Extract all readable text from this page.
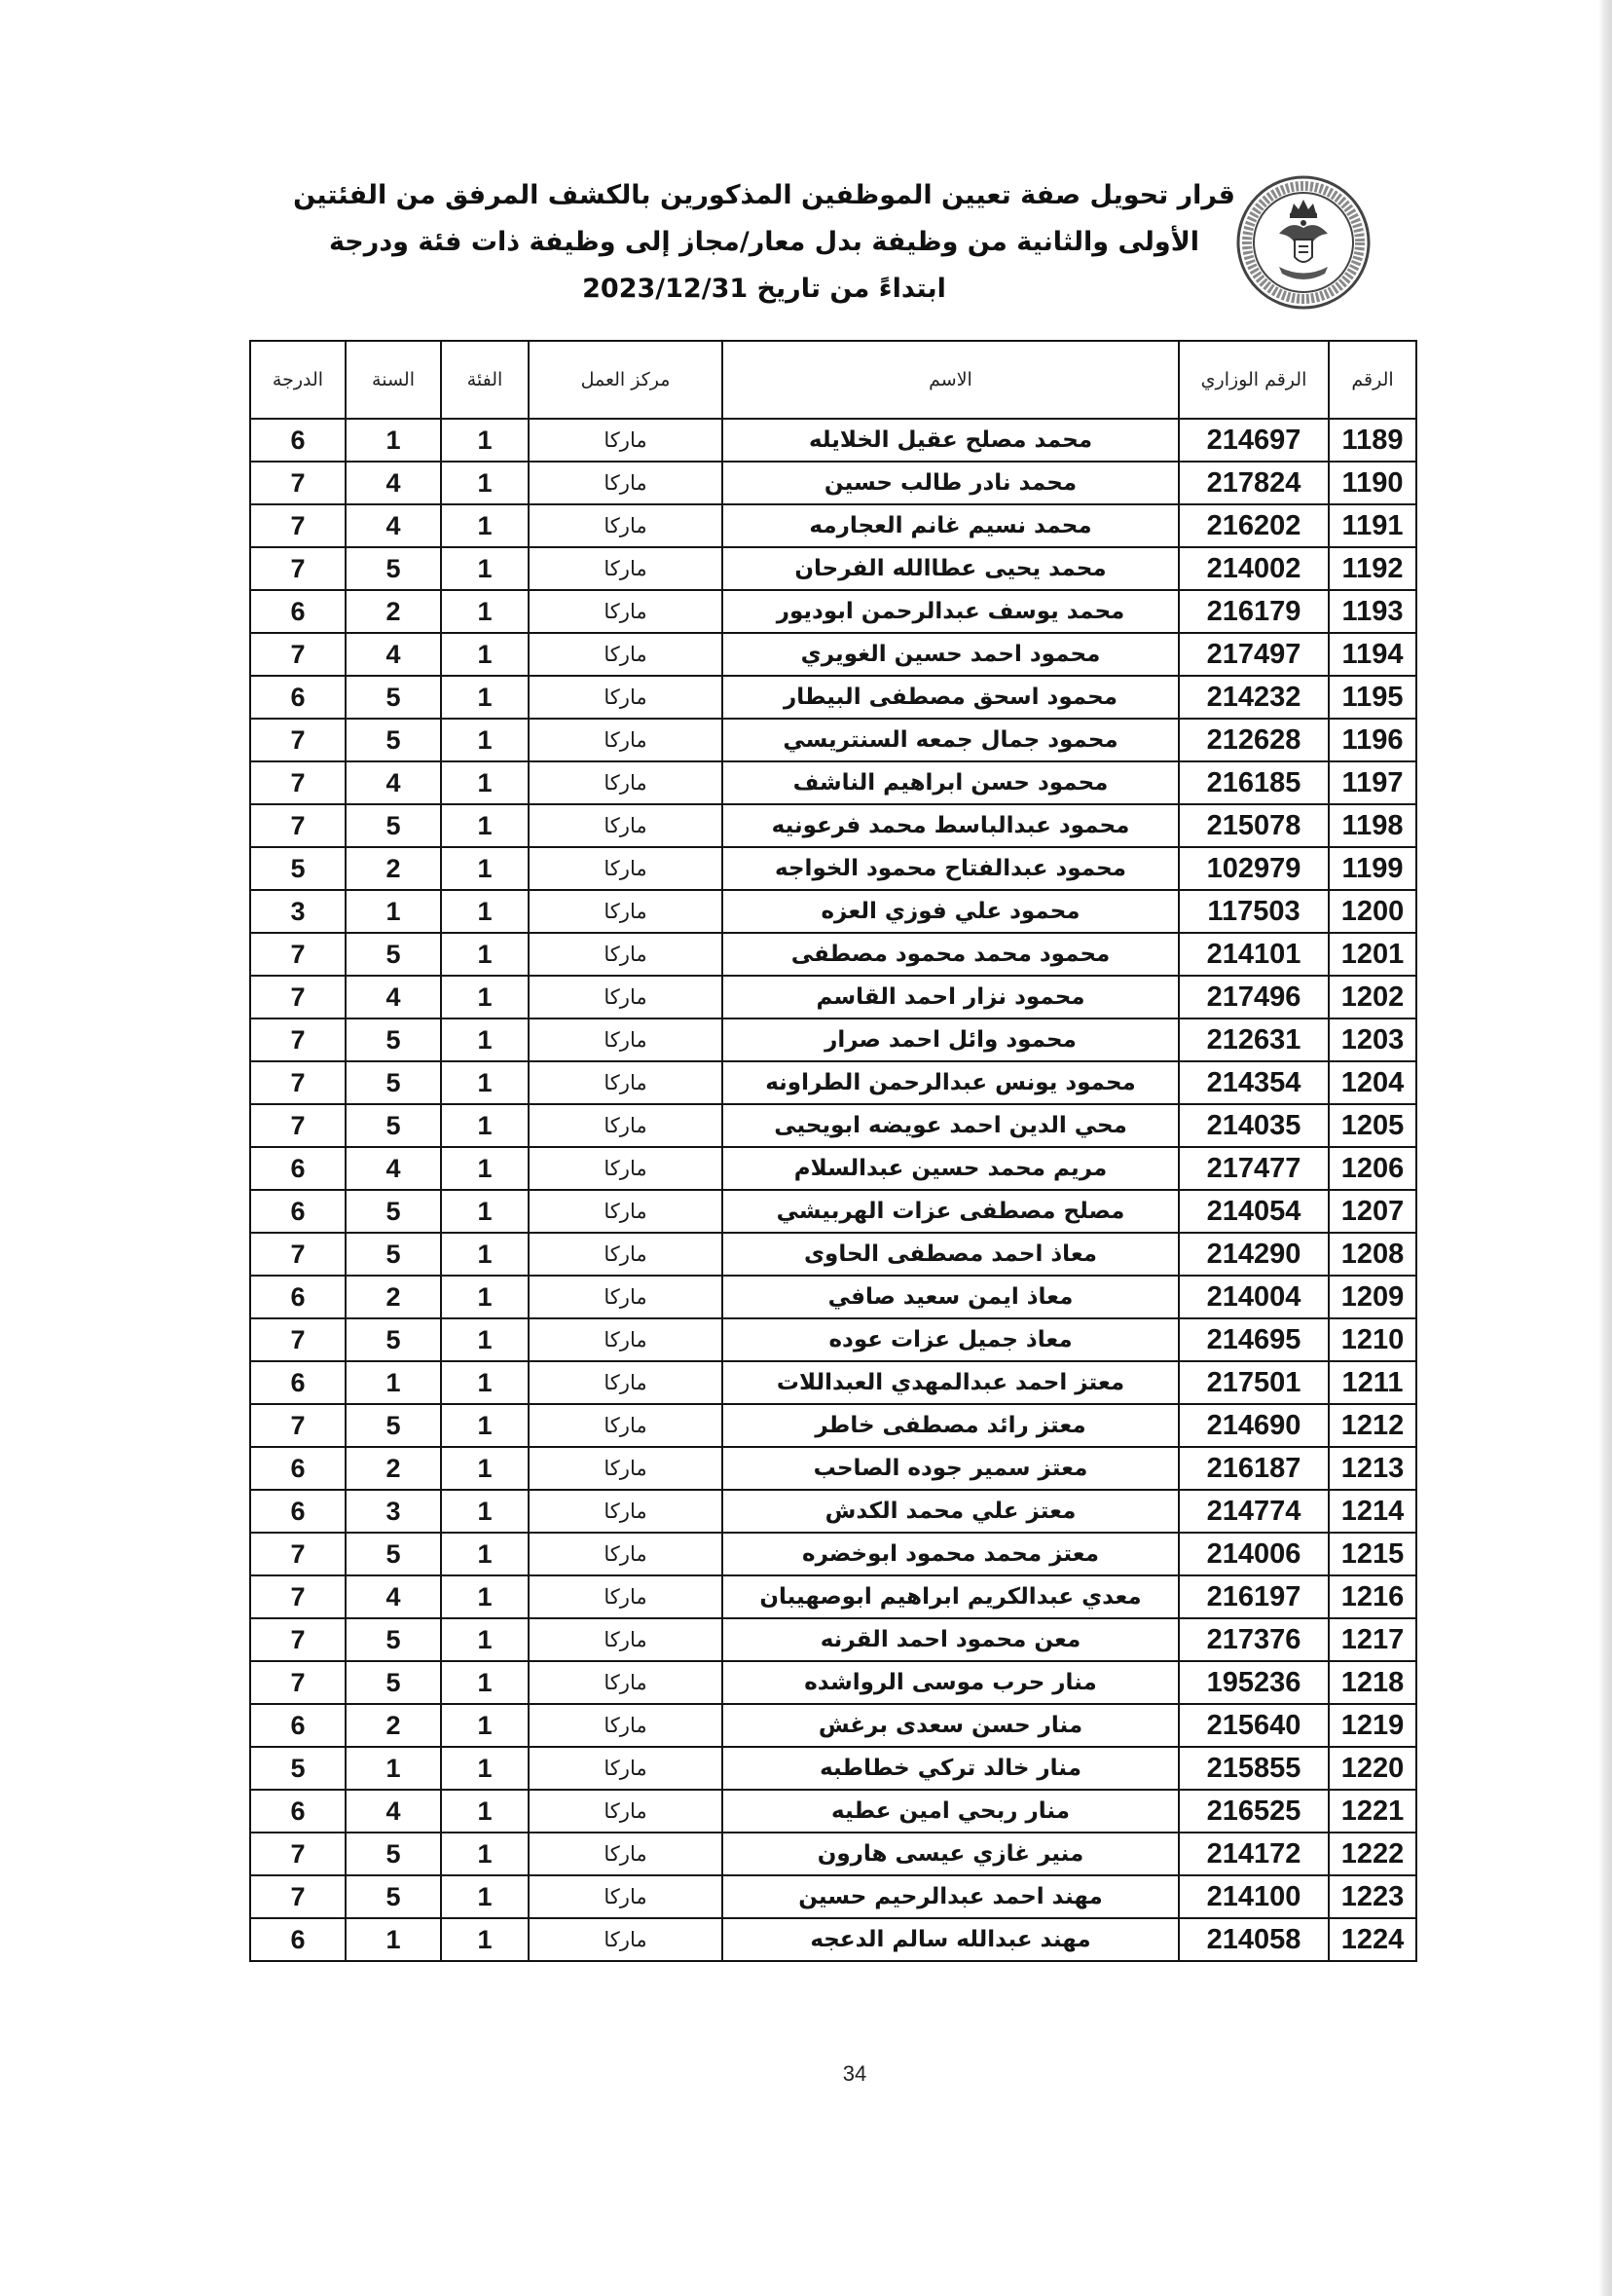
قرار تحويل صفة تعيين الموظفين المذكورين بالكشف المرفق من الفئتين
الأولى والثانية من وظيفة بدل معار/مجاز إلى وظيفة ذات فئة ودرجة
ابتداءً من تاريخ 2023/12/31
الرقم
الرقم الوزاري
الاسم
مركز العمل
الفئة
السنة
الدرجة
1189
214697
محمد مصلح عقيل الخلايله
ماركا
1
1
6
1190
217824
محمد نادر طالب حسين
ماركا
1
4
7
1191
216202
محمد نسيم غانم العجارمه
ماركا
1
4
7
1192
214002
محمد يحيى عطاالله الفرحان
ماركا
1
5
7
1193
216179
محمد يوسف عبدالرحمن ابوديور
ماركا
1
2
6
1194
217497
محمود احمد حسين الغويري
ماركا
1
4
7
1195
214232
محمود اسحق مصطفى البيطار
ماركا
1
5
6
1196
212628
محمود جمال جمعه السنتريسي
ماركا
1
5
7
1197
216185
محمود حسن ابراهيم الناشف
ماركا
1
4
7
1198
215078
محمود عبدالباسط محمد فرعونيه
ماركا
1
5
7
1199
102979
محمود عبدالفتاح محمود الخواجه
ماركا
1
2
5
1200
117503
محمود علي فوزي العزه
ماركا
1
1
3
1201
214101
محمود محمد محمود مصطفى
ماركا
1
5
7
1202
217496
محمود نزار احمد القاسم
ماركا
1
4
7
1203
212631
محمود وائل احمد صرار
ماركا
1
5
7
1204
214354
محمود يونس عبدالرحمن الطراونه
ماركا
1
5
7
1205
214035
محي الدين احمد عويضه ابويحيى
ماركا
1
5
7
1206
217477
مريم محمد حسين عبدالسلام
ماركا
1
4
6
1207
214054
مصلح مصطفى عزات الهربيشي
ماركا
1
5
6
1208
214290
معاذ احمد مصطفى الحاوى
ماركا
1
5
7
1209
214004
معاذ ايمن سعيد صافي
ماركا
1
2
6
1210
214695
معاذ جميل عزات عوده
ماركا
1
5
7
1211
217501
معتز احمد عبدالمهدي العبداللات
ماركا
1
1
6
1212
214690
معتز رائد مصطفى خاطر
ماركا
1
5
7
1213
216187
معتز سمير جوده الصاحب
ماركا
1
2
6
1214
214774
معتز علي محمد الكدش
ماركا
1
3
6
1215
214006
معتز محمد محمود ابوخضره
ماركا
1
5
7
1216
216197
معدي عبدالكريم ابراهيم ابوصهيبان
ماركا
1
4
7
1217
217376
معن محمود احمد القرنه
ماركا
1
5
7
1218
195236
منار حرب موسى الرواشده
ماركا
1
5
7
1219
215640
منار حسن سعدى برغش
ماركا
1
2
6
1220
215855
منار خالد تركي خطاطبه
ماركا
1
1
5
1221
216525
منار ربحي امين عطيه
ماركا
1
4
6
1222
214172
منير غازي عيسى هارون
ماركا
1
5
7
1223
214100
مهند احمد عبدالرحيم حسين
ماركا
1
5
7
1224
214058
مهند عبدالله سالم الدعجه
ماركا
1
1
6
34
